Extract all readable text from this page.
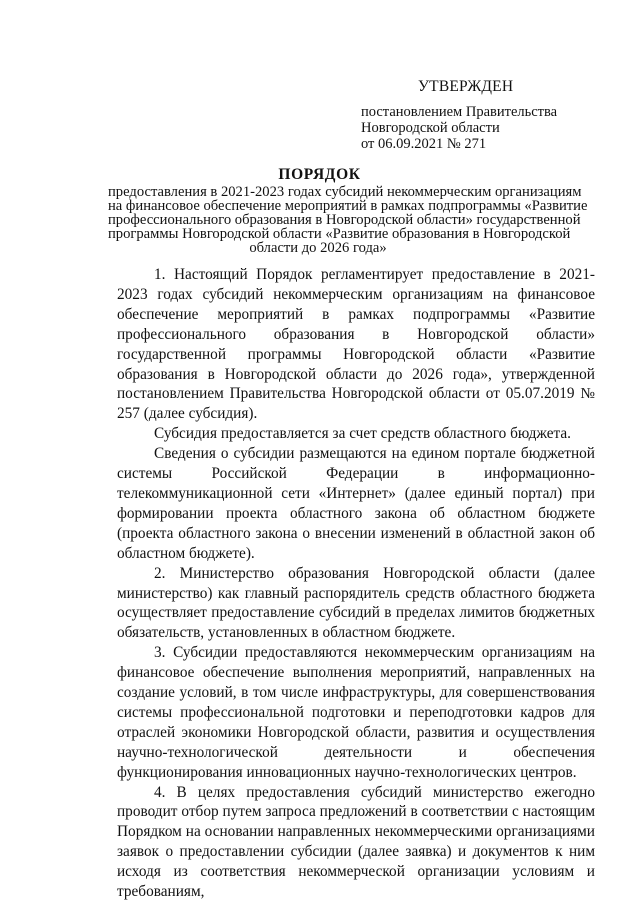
УТВЕРЖДЕН
постановлением Правительства
Новгородской области
от 06.09.2021 № 271
ПОРЯДОК
предоставления в 2021-2023 годах субсидий некоммерческим организациям
на финансовое обеспечение мероприятий в рамках подпрограммы «Развитие
профессионального образования в Новгородской области» государственной
программы Новгородской области «Развитие образования в Новгородской
области до 2026 года»

1. Настоящий Порядок регламентирует предоставление в 2021-2023 годах субсидий некоммерческим организациям на финансовое обеспечение мероприятий в рамках подпрограммы «Развитие профессионального образования в Новгородской области» государственной программы Новгородской области «Развитие образования в Новгородской области до 2026 года», утвержденной постановлением Правительства Новгородской области от 05.07.2019 № 257 (далее субсидия).

Субсидия предоставляется за счет средств областного бюджета.

Сведения о субсидии размещаются на едином портале бюджетной системы Российской Федерации в информационно-телекоммуникационной сети «Интернет» (далее единый портал) при формировании проекта областного закона об областном бюджете (проекта областного закона о внесении изменений в областной закон об областном бюджете).

2. Министерство образования Новгородской области (далее министерство) как главный распорядитель средств областного бюджета осуществляет предоставление субсидий в пределах лимитов бюджетных обязательств, установленных в областном бюджете.

3. Субсидии предоставляются некоммерческим организациям на финансовое обеспечение выполнения мероприятий, направленных на создание условий, в том числе инфраструктуры, для совершенствования системы профессиональной подготовки и переподготовки кадров для отраслей экономики Новгородской области, развития и осуществления научно-технологической деятельности и обеспечения функционирования инновационных научно-технологических центров.

4. В целях предоставления субсидий министерство ежегодно проводит отбор путем запроса предложений в соответствии с настоящим Порядком на основании направленных некоммерческими организациями заявок о предоставлении субсидии (далее заявка) и документов к ним исходя из соответствия некоммерческой организации условиям и требованиям,
